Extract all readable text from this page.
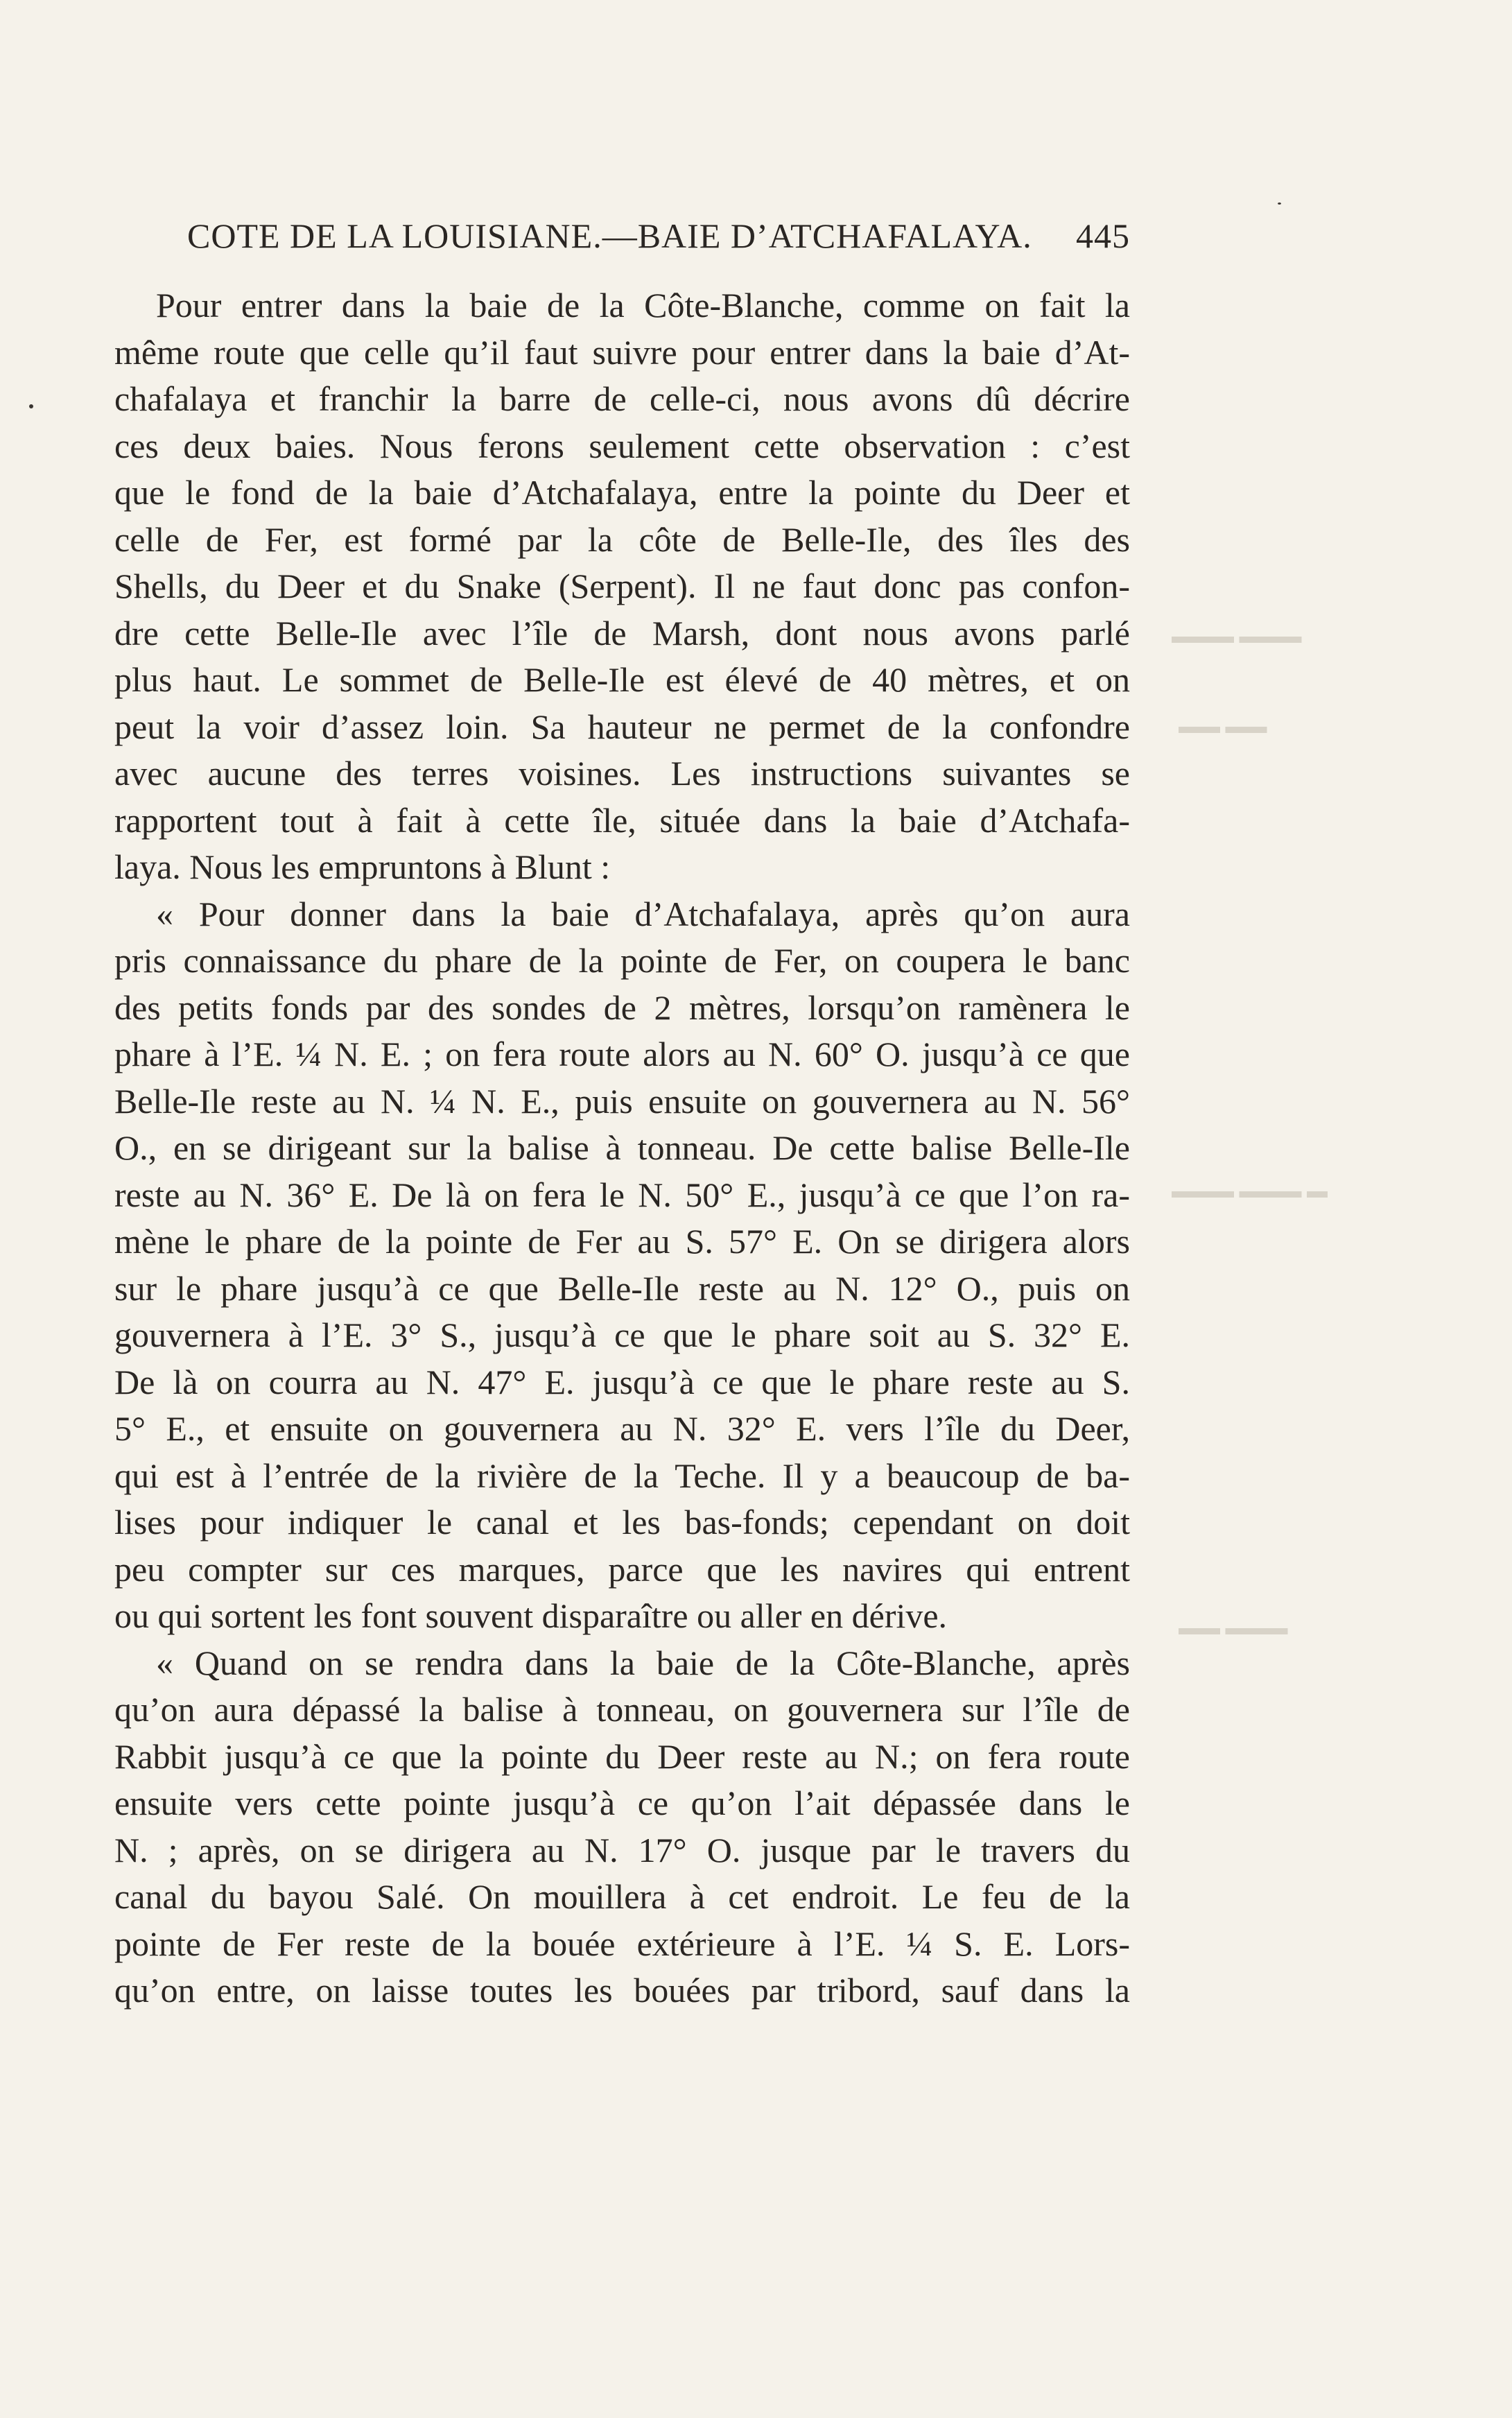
▬▬▬ ▬▬▬
▬▬ ▬▬
▬▬▬ ▬▬▬ ▬
▬▬ ▬▬▬
COTE DE LA LOUISIANE.—BAIE D’ATCHAFALAYA. 445
Pour entrer dans la baie de la Côte-Blanche, comme on fait la
même route que celle qu’il faut suivre pour entrer dans la baie d’At-
chafalaya et franchir la barre de celle-ci, nous avons dû décrire
ces deux baies. Nous ferons seulement cette observation : c’est
que le fond de la baie d’Atchafalaya, entre la pointe du Deer et
celle de Fer, est formé par la côte de Belle-Ile, des îles des
Shells, du Deer et du Snake (Serpent). Il ne faut donc pas confon-
dre cette Belle-Ile avec l’île de Marsh, dont nous avons parlé
plus haut. Le sommet de Belle-Ile est élevé de 40 mètres, et on
peut la voir d’assez loin. Sa hauteur ne permet de la confondre
avec aucune des terres voisines. Les instructions suivantes se
rapportent tout à fait à cette île, située dans la baie d’Atchafa-
laya. Nous les empruntons à Blunt :
« Pour donner dans la baie d’Atchafalaya, après qu’on aura
pris connaissance du phare de la pointe de Fer, on coupera le banc
des petits fonds par des sondes de 2 mètres, lorsqu’on ramènera le
phare à l’E. ¼ N. E. ; on fera route alors au N. 60° O. jusqu’à ce que
Belle-Ile reste au N. ¼ N. E., puis ensuite on gouvernera au N. 56°
O., en se dirigeant sur la balise à tonneau. De cette balise Belle-Ile
reste au N. 36° E. De là on fera le N. 50° E., jusqu’à ce que l’on ra-
mène le phare de la pointe de Fer au S. 57° E. On se dirigera alors
sur le phare jusqu’à ce que Belle-Ile reste au N. 12° O., puis on
gouvernera à l’E. 3° S., jusqu’à ce que le phare soit au S. 32° E.
De là on courra au N. 47° E. jusqu’à ce que le phare reste au S.
5° E., et ensuite on gouvernera au N. 32° E. vers l’île du Deer,
qui est à l’entrée de la rivière de la Teche. Il y a beaucoup de ba-
lises pour indiquer le canal et les bas-fonds; cependant on doit
peu compter sur ces marques, parce que les navires qui entrent
ou qui sortent les font souvent disparaître ou aller en dérive.
« Quand on se rendra dans la baie de la Côte-Blanche, après
qu’on aura dépassé la balise à tonneau, on gouvernera sur l’île de
Rabbit jusqu’à ce que la pointe du Deer reste au N.; on fera route
ensuite vers cette pointe jusqu’à ce qu’on l’ait dépassée dans le
N. ; après, on se dirigera au N. 17° O. jusque par le travers du
canal du bayou Salé. On mouillera à cet endroit. Le feu de la
pointe de Fer reste de la bouée extérieure à l’E. ¼ S. E. Lors-
qu’on entre, on laisse toutes les bouées par tribord, sauf dans la
